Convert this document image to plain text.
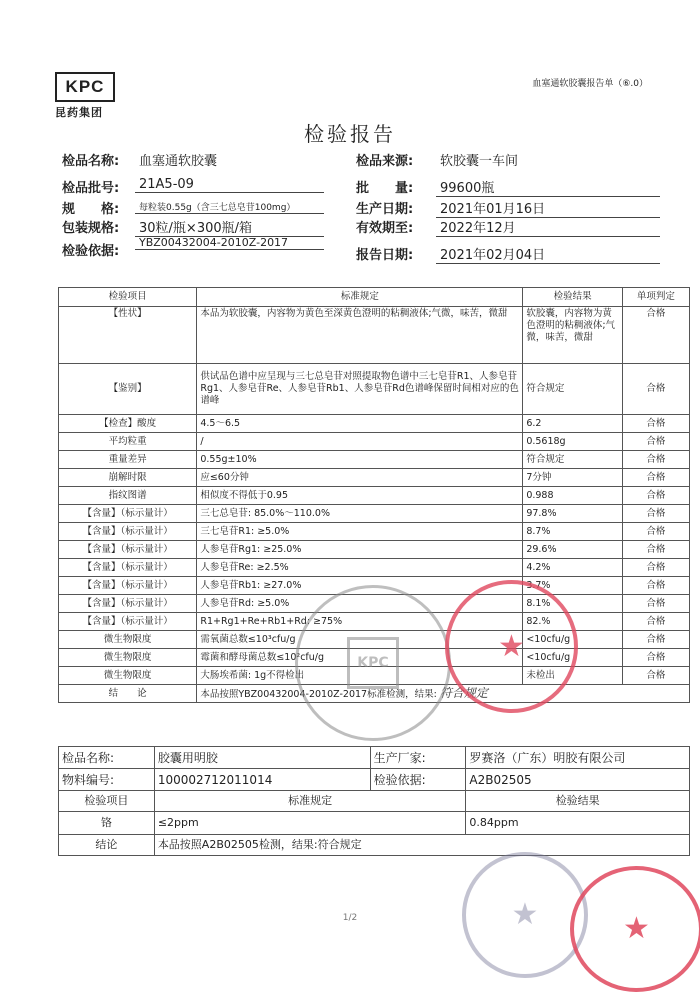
KPC
昆药集团
血塞通软胶囊报告单（⑥.0）
检验报告
检品名称:	血塞通软胶囊	检品来源:	软胶囊一车间
检品批号:	21A5-09	批　　量:	99600瓶
规　　格:	每粒装0.55g（含三七总皂苷100mg）	生产日期:	2021年01月16日
包装规格:	30粒/瓶×300瓶/箱	有效期至:	2022年12月
检验依据:
YBZ00432004-2010Z-2017
报告日期:	2021年02月04日
检验项目	标准规定	检验结果	单项判定
【性状】	本品为软胶囊，内容物为黄色至深黄色澄明的粘稠液体;气微，味苦，微甜	软胶囊，内容物为黄色澄明的粘稠液体;气微，味苦，微甜	合格
【鉴别】	供试品色谱中应呈现与三七总皂苷对照提取物色谱中三七皂苷R1、人参皂苷Rg1、人参皂苷Re、人参皂苷Rb1、人参皂苷Rd色谱峰保留时间相对应的色谱峰	符合规定	合格
【检查】酸度	4.5～6.5	6.2	合格
平均粒重	/	0.5618g	合格
重量差异	0.55g±10%	符合规定	合格
崩解时限	应≤60分钟	7分钟	合格
指纹图谱	相似度不得低于0.95	0.988	合格
【含量】（标示量计）	三七总皂苷: 85.0%～110.0%	97.8%	合格
【含量】（标示量计）	三七皂苷R1: ≥5.0%	8.7%	合格
【含量】（标示量计）	人参皂苷Rg1: ≥25.0%	29.6%	合格
【含量】（标示量计）	人参皂苷Re: ≥2.5%	4.2%	合格
【含量】（标示量计）	人参皂苷Rb1: ≥27.0%	3.7%	合格
【含量】（标示量计）	人参皂苷Rd: ≥5.0%	8.1%	合格
【含量】（标示量计）	R1+Rg1+Re+Rb1+Rd: ≥75%	82.%	合格
微生物限度	需氧菌总数≤10³cfu/g	<10cfu/g	合格
微生物限度	霉菌和酵母菌总数≤10²cfu/g	<10cfu/g	合格
微生物限度	大肠埃希菌: 1g不得检出	未检出	合格
结　　论	本品按照YBZ00432004-2010Z-2017标准检测，结果: 符合规定		
检品名称:	胶囊用明胶	生产厂家:	罗赛洛（广东）明胶有限公司
物料编号:	100002712011014	检验依据:	A2B02505
检验项目	标准规定		检验结果
铬	≤2ppm		0.84ppm
结论	本品按照A2B02505检测，结果:符合规定		
KPC	★
★	★
1/2
